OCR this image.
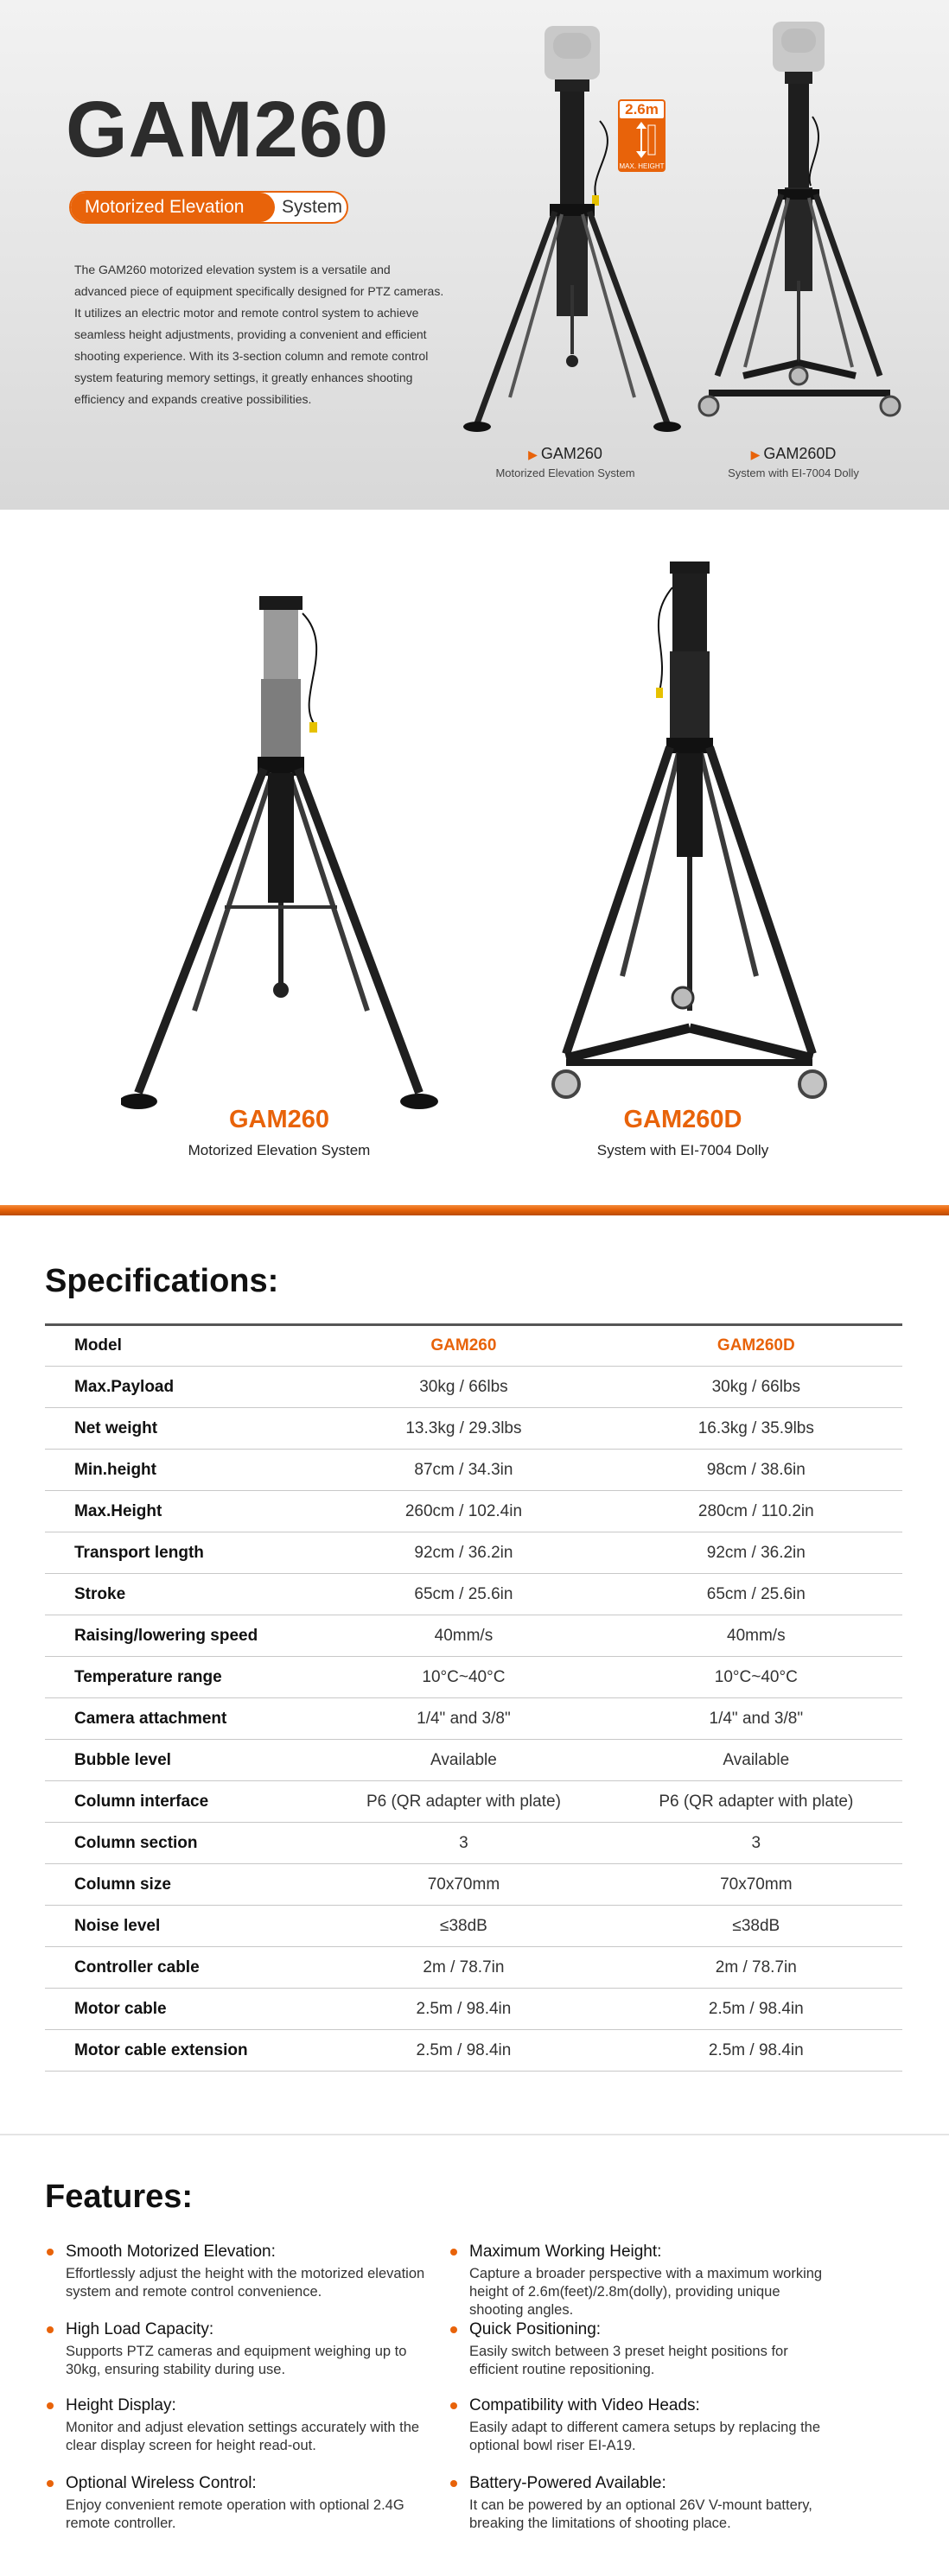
GAM260
Motorized Elevation	System

The GAM260 motorized elevation system is a versatile and advanced piece of equipment specifically designed for PTZ cameras. It utilizes an electric motor and remote control system to achieve seamless height adjustments, providing a convenient and efficient shooting experience. With its 3-section column and remote control system featuring memory settings, it greatly enhances shooting efficiency and expands creative possibilities.

2.6m
MAX. HEIGHT
▶ GAM260
Motorized Elevation System
▶ GAM260D
System with EI-7004 Dolly
GAM260
Motorized Elevation System
GAM260D
System with EI-7004 Dolly
Specifications:
Model	GAM260	GAM260D
Max.Payload	30kg / 66lbs	30kg / 66lbs
Net weight	13.3kg / 29.3lbs	16.3kg / 35.9lbs
Min.height	87cm / 34.3in	98cm / 38.6in
Max.Height	260cm / 102.4in	280cm / 110.2in
Transport length	92cm / 36.2in	92cm / 36.2in
Stroke	65cm / 25.6in	65cm / 25.6in
Raising/lowering speed	40mm/s	40mm/s
Temperature range	10°C~40°C	10°C~40°C
Camera attachment	1/4" and 3/8"	1/4" and 3/8"
Bubble level	Available	Available
Column interface	P6 (QR adapter with plate)	P6 (QR adapter with plate)
Column section	3	3
Column size	70x70mm	70x70mm
Noise level	≤38dB	≤38dB
Controller cable	2m / 78.7in	2m / 78.7in
Motor cable	2.5m / 98.4in	2.5m / 98.4in
Motor cable extension	2.5m / 98.4in	2.5m / 98.4in
Features:

Smooth Motorized Elevation:

Effortlessly adjust the height with the motorized elevation system and remote control convenience.

Maximum Working Height:

Capture a broader perspective with a maximum working height of 2.6m(feet)/2.8m(dolly), providing unique shooting angles.

High Load Capacity:

Supports PTZ cameras and equipment weighing up to 30kg, ensuring stability during use.

Quick Positioning:

Easily switch between 3 preset height positions for efficient routine repositioning.

Height Display:

Monitor and adjust elevation settings accurately with the clear display screen for height read-out.

Compatibility with Video Heads:

Easily adapt to different camera setups by replacing the optional bowl riser EI-A19.

Optional Wireless Control:

Enjoy convenient remote operation with optional 2.4G remote controller.

Battery-Powered Available:

It can be powered by an optional 26V V-mount battery, breaking the limitations of shooting place.
